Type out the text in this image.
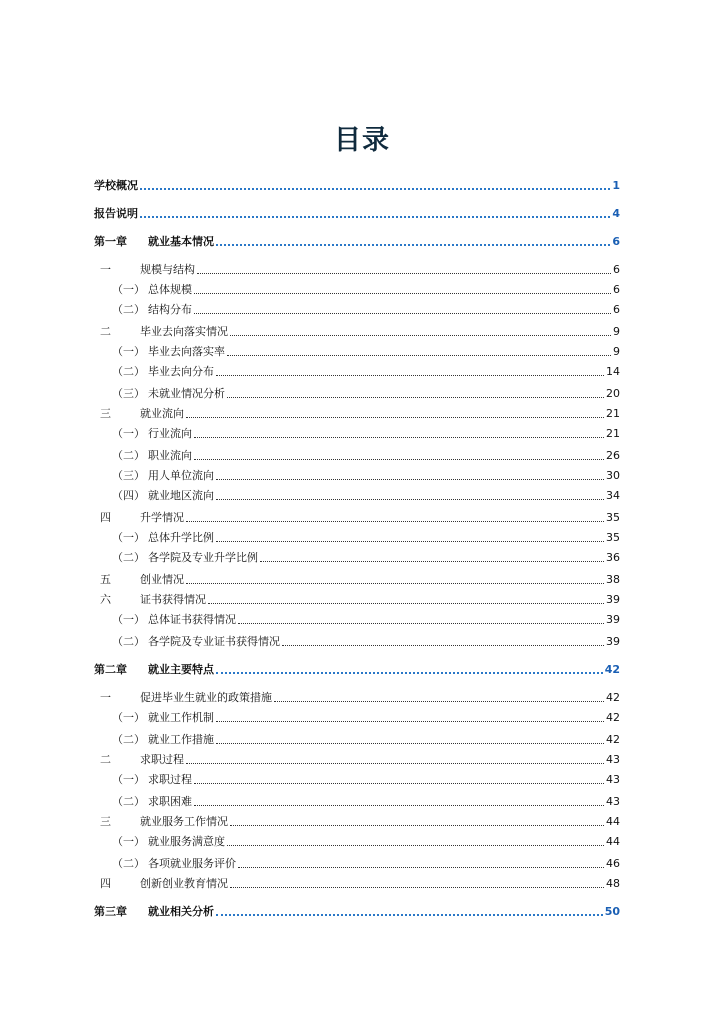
目录
学校概况	1
报告说明	4
第一章	就业基本情况	6
一	规模与结构	6
（一） 总体规模	6
（二） 结构分布	6
二	毕业去向落实情况	9
（一） 毕业去向落实率	9
（二） 毕业去向分布	14
（三） 未就业情况分析	20
三	就业流向	21
（一） 行业流向	21
（二） 职业流向	26
（三） 用人单位流向	30
（四） 就业地区流向	34
四	升学情况	35
（一） 总体升学比例	35
（二） 各学院及专业升学比例	36
五	创业情况	38
六	证书获得情况	39
（一） 总体证书获得情况	39
（二） 各学院及专业证书获得情况	39
第二章	就业主要特点	42
一	促进毕业生就业的政策措施	42
（一） 就业工作机制	42
（二） 就业工作措施	42
二	求职过程	43
（一） 求职过程	43
（二） 求职困难	43
三	就业服务工作情况	44
（一） 就业服务满意度	44
（二） 各项就业服务评价	46
四	创新创业教育情况	48
第三章	就业相关分析	50
